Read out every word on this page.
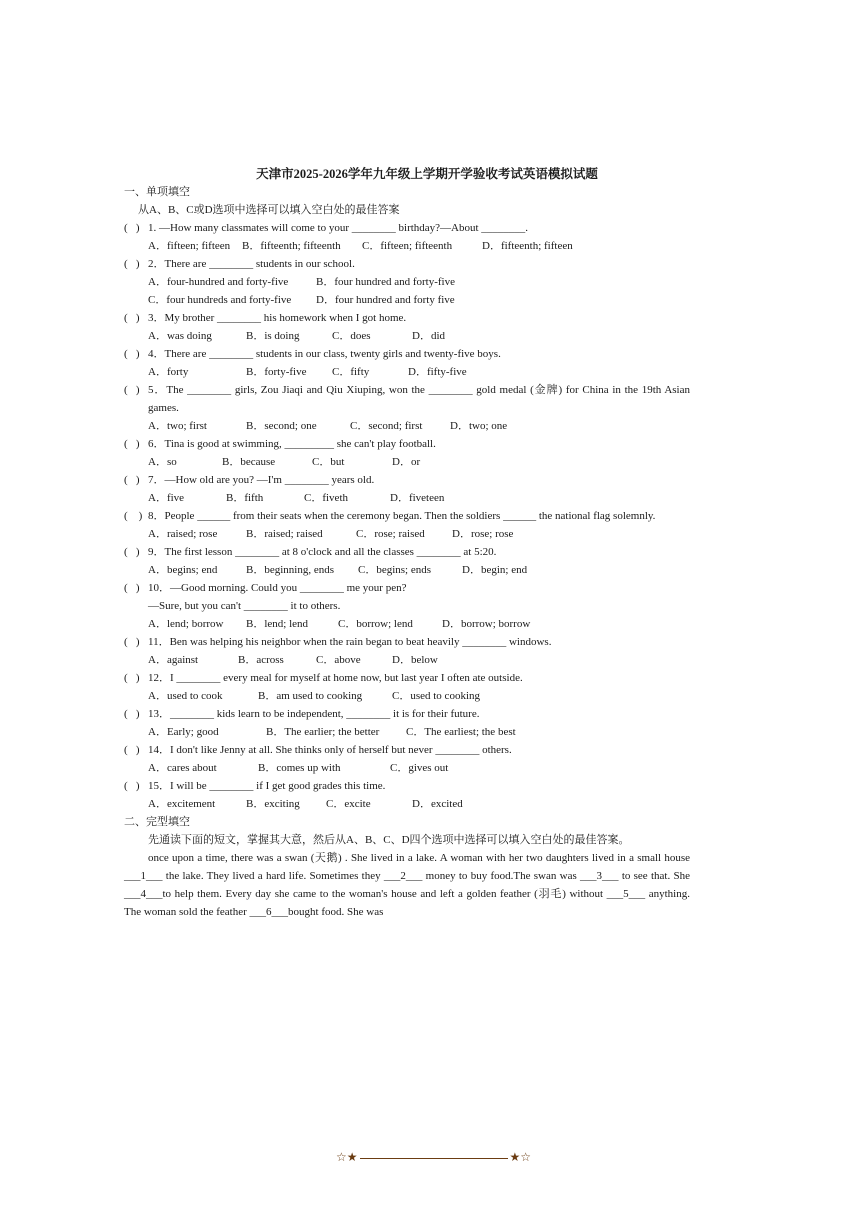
天津市2025-2026学年九年级上学期开学验收考试英语模拟试题
一、单项填空
从A、B、C或D选项中选择可以填入空白处的最佳答案
(   ) 1. —How many classmates will come to your ________ birthday?—About ________.
A．fifteen; fifteen B．fifteenth; fifteenth C．fifteen; fifteenth	D．fifteenth; fifteen
(   ) 2．There are ________ students in our school.
A．four-hundred and forty-five	B．four hundred and forty-five
C．four hundreds and forty-five D．four hundred and forty five
(   ) 3．My brother ________ his homework when I got home.
A．was doing	B．is doing	C．does	D．did
(   ) 4．There are ________ students in our class, twenty girls and twenty-five boys.
A．forty	B．forty-five C．fifty	D．fifty-five
(   ) 5．The ________ girls, Zou Jiaqi and Qiu Xiuping, won the ________ gold medal (金牌) for China in the 19th Asian games.
A．two; first	B．second; one	C．second; first	D．two; one
(   ) 6．Tina is good at swimming, _________ she can't play football.
A．so	B．because	C．but	D．or
(   ) 7．—How old are you? —I'm ________ years old.
A．five	B．fifth	C．fiveth	D．fiveteen
(    ) 8．People ______ from their seats when the ceremony began. Then the soldiers ______ the national flag solemnly.
A．raised; rose	B．raised; raised	C．rose; raised D．rose; rose
(   ) 9．The first lesson ________ at 8 o'clock and all the classes ________ at 5:20.
A．begins; end	B．beginning, ends C．begins; ends	D．begin; end
(   ) 10．—Good morning. Could you ________ me your pen?
—Sure, but you can't ________ it to others.
A．lend; borrow B．lend; lend	C．borrow; lend	D．borrow; borrow
(   ) 11．Ben was helping his neighbor when the rain began to beat heavily ________ windows.
A．against	B．across	C．above	D．below
(   ) 12．I ________ every meal for myself at home now, but last year I often ate outside.
A．used to cook	B．am used to cooking	C．used to cooking
(   ) 13．________ kids learn to be independent, ________ it is for their future.
A．Early; good	B．The earlier; the better C．The earliest; the best
(   ) 14．I don't like Jenny at all. She thinks only of herself but never ________ others.
A．cares about	B．comes up with	C．gives out
(   ) 15．I will be ________ if I get good grades this time.
A．excitement	B．exciting C．excite	D．excited
二、完型填空
先通读下面的短文，掌握其大意，然后从A、B、C、D四个选项中选择可以填入空白处的最佳答案。
once upon a time, there was a swan (天鹅) . She lived in a lake. A woman with her two daughters lived in a small house ___1___ the lake. They lived a hard life. Sometimes they ___2___ money to buy food.The swan was ___3___ to see that. She ___4___to help them. Every day she came to the woman's house and left a golden feather (羽毛) without ___5___ anything. The woman sold the feather ___6___bought food. She was
☆★	★☆
